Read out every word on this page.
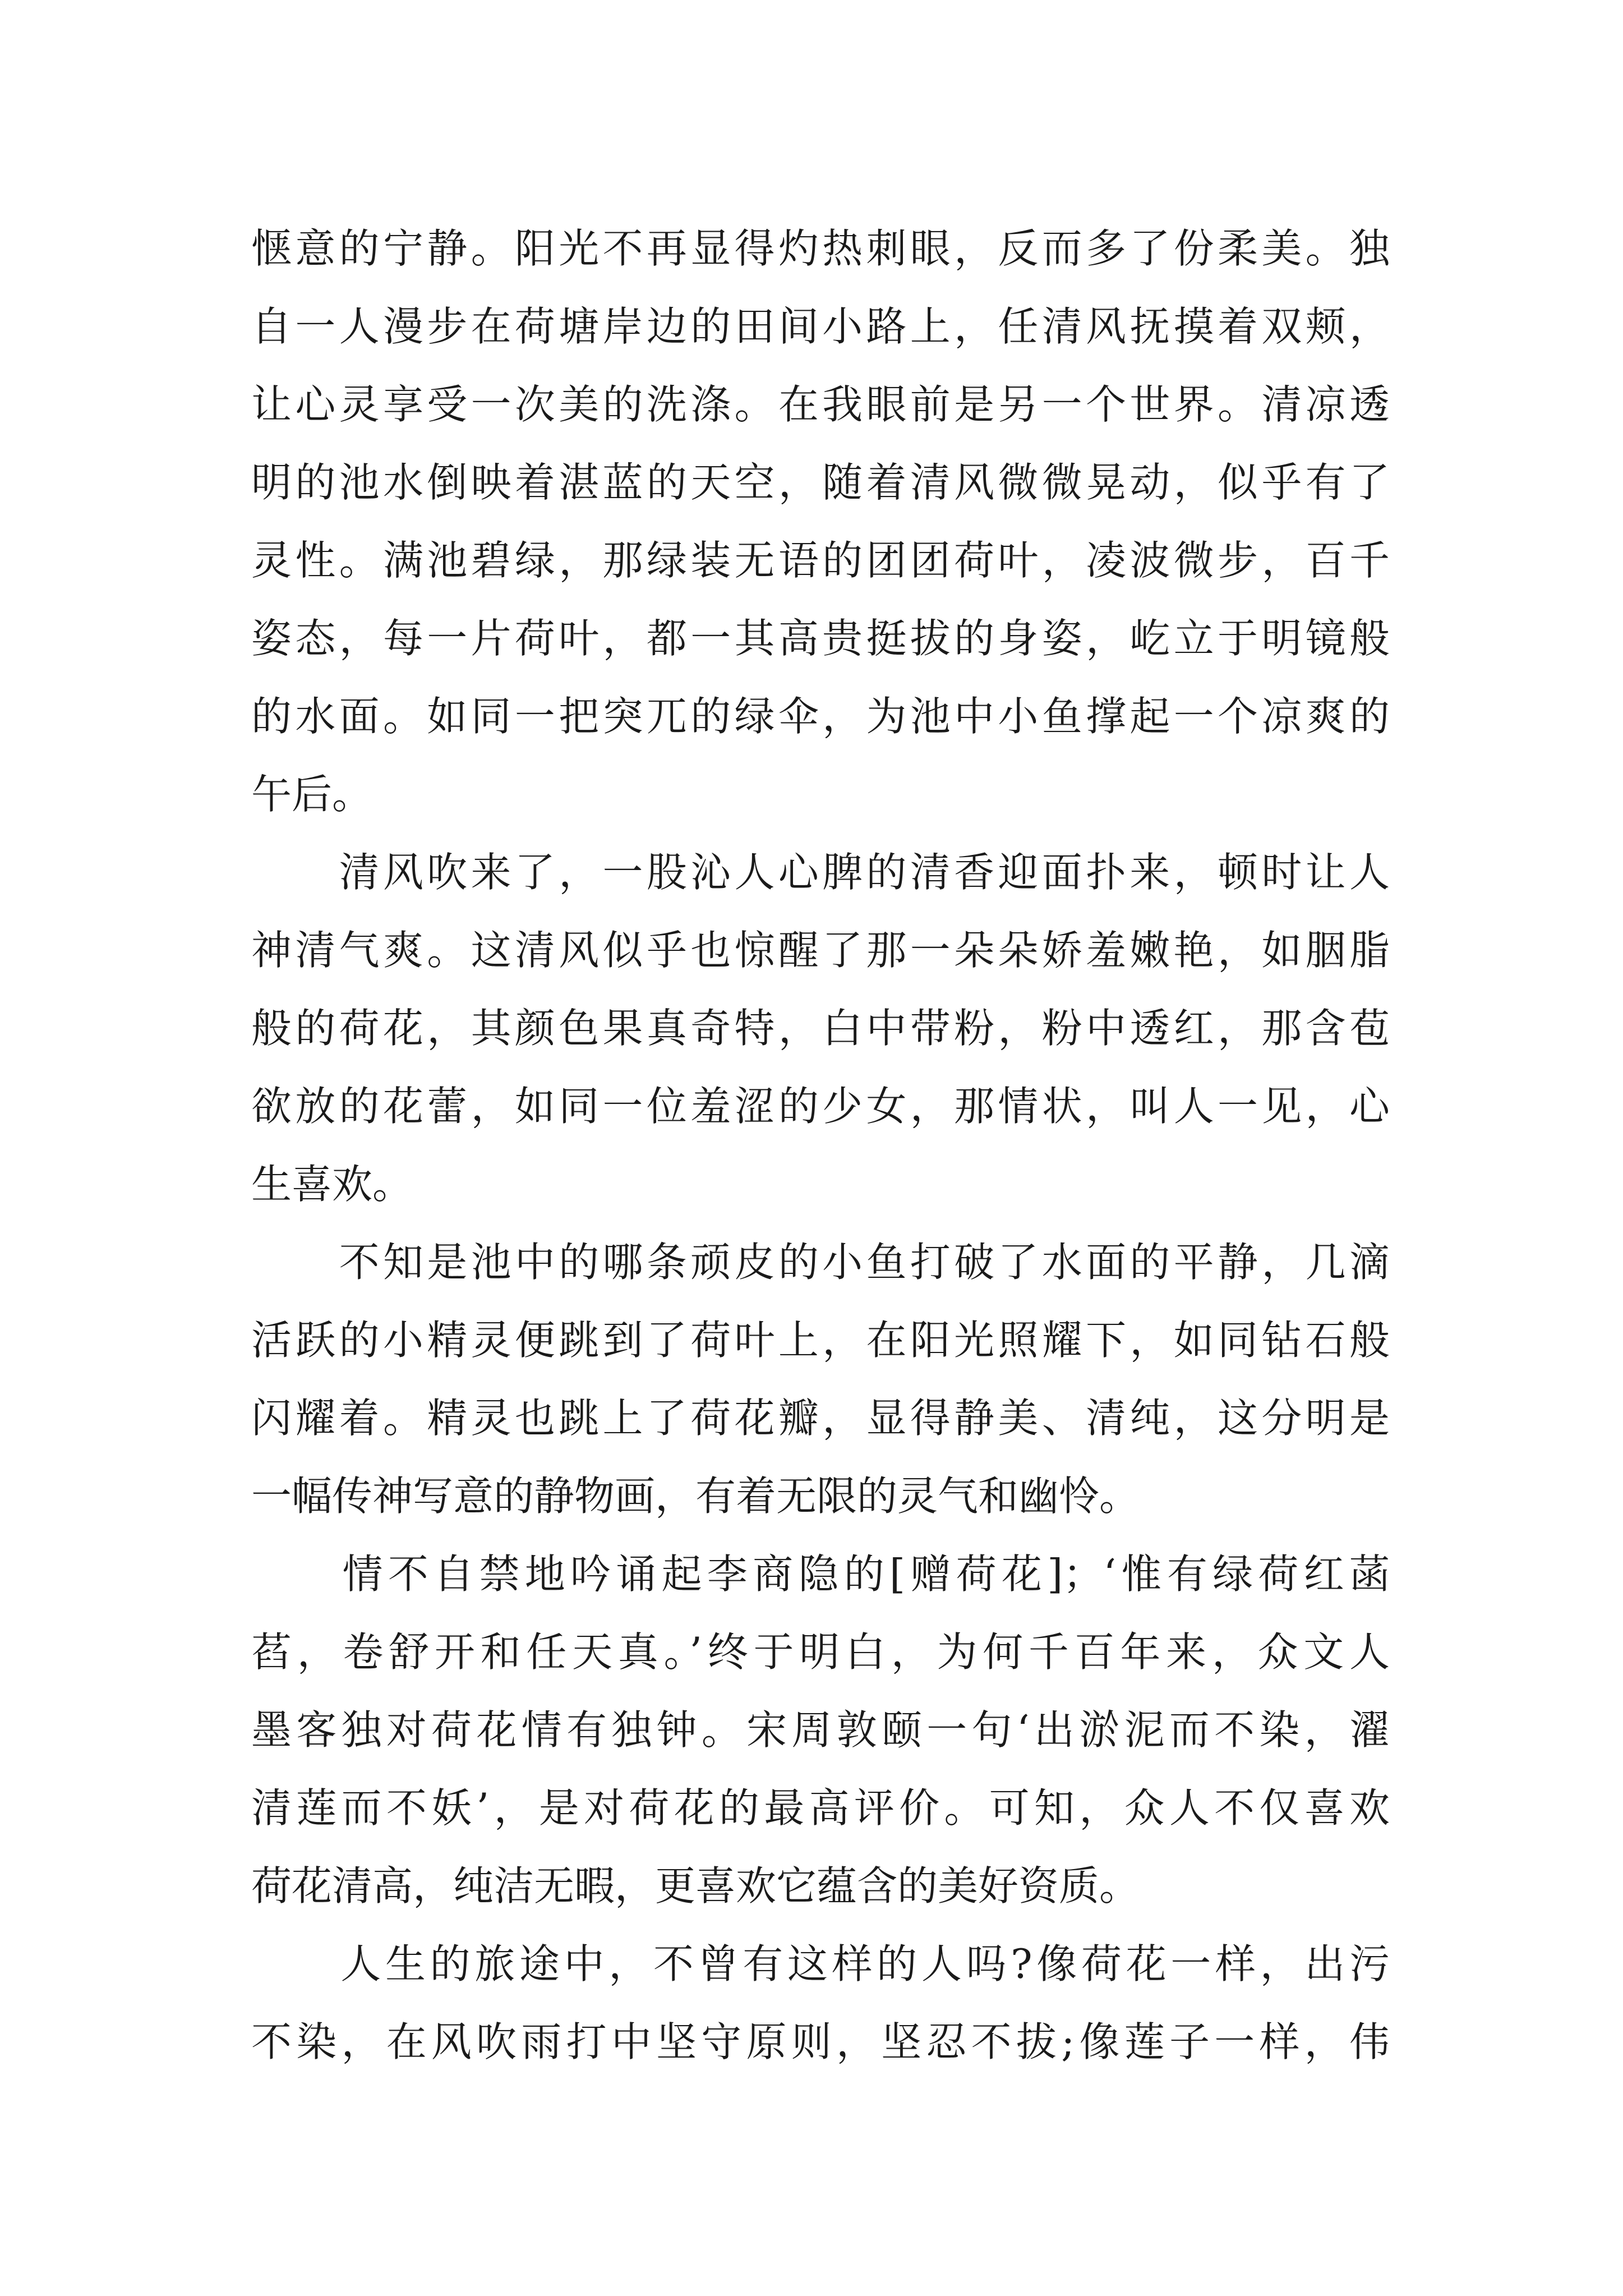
惬意的宁静。阳光不再显得灼热刺眼，反而多了份柔美。独
自一人漫步在荷塘岸边的田间小路上，任清风抚摸着双颊，
让心灵享受一次美的洗涤。在我眼前是另一个世界。清凉透
明的池水倒映着湛蓝的天空，随着清风微微晃动，似乎有了
灵性。满池碧绿，那绿装无语的团团荷叶，凌波微步，百千
姿态，每一片荷叶，都一其高贵挺拔的身姿，屹立于明镜般
的水面。如同一把突兀的绿伞，为池中小鱼撑起一个凉爽的
午后。
　　清风吹来了，一股沁人心脾的清香迎面扑来，顿时让人
神清气爽。这清风似乎也惊醒了那一朵朵娇羞嫩艳，如胭脂
般的荷花，其颜色果真奇特，白中带粉，粉中透红，那含苞
欲放的花蕾，如同一位羞涩的少女，那情状，叫人一见，心
生喜欢。
　　不知是池中的哪条顽皮的小鱼打破了水面的平静，几滴
活跃的小精灵便跳到了荷叶上，在阳光照耀下，如同钻石般
闪耀着。精灵也跳上了荷花瓣，显得静美、清纯，这分明是
一幅传神写意的静物画，有着无限的灵气和幽怜。
　　情不自禁地吟诵起李商隐的[赠荷花]；‘惟有绿荷红菡
萏，卷舒开和任天真。’终于明白，为何千百年来，众文人
墨客独对荷花情有独钟。宋周敦颐一句‘出淤泥而不染，濯
清莲而不妖’，是对荷花的最高评价。可知，众人不仅喜欢
荷花清高，纯洁无暇，更喜欢它蕴含的美好资质。
　　人生的旅途中，不曾有这样的人吗?像荷花一样，出污
不染，在风吹雨打中坚守原则，坚忍不拔;像莲子一样，伟
